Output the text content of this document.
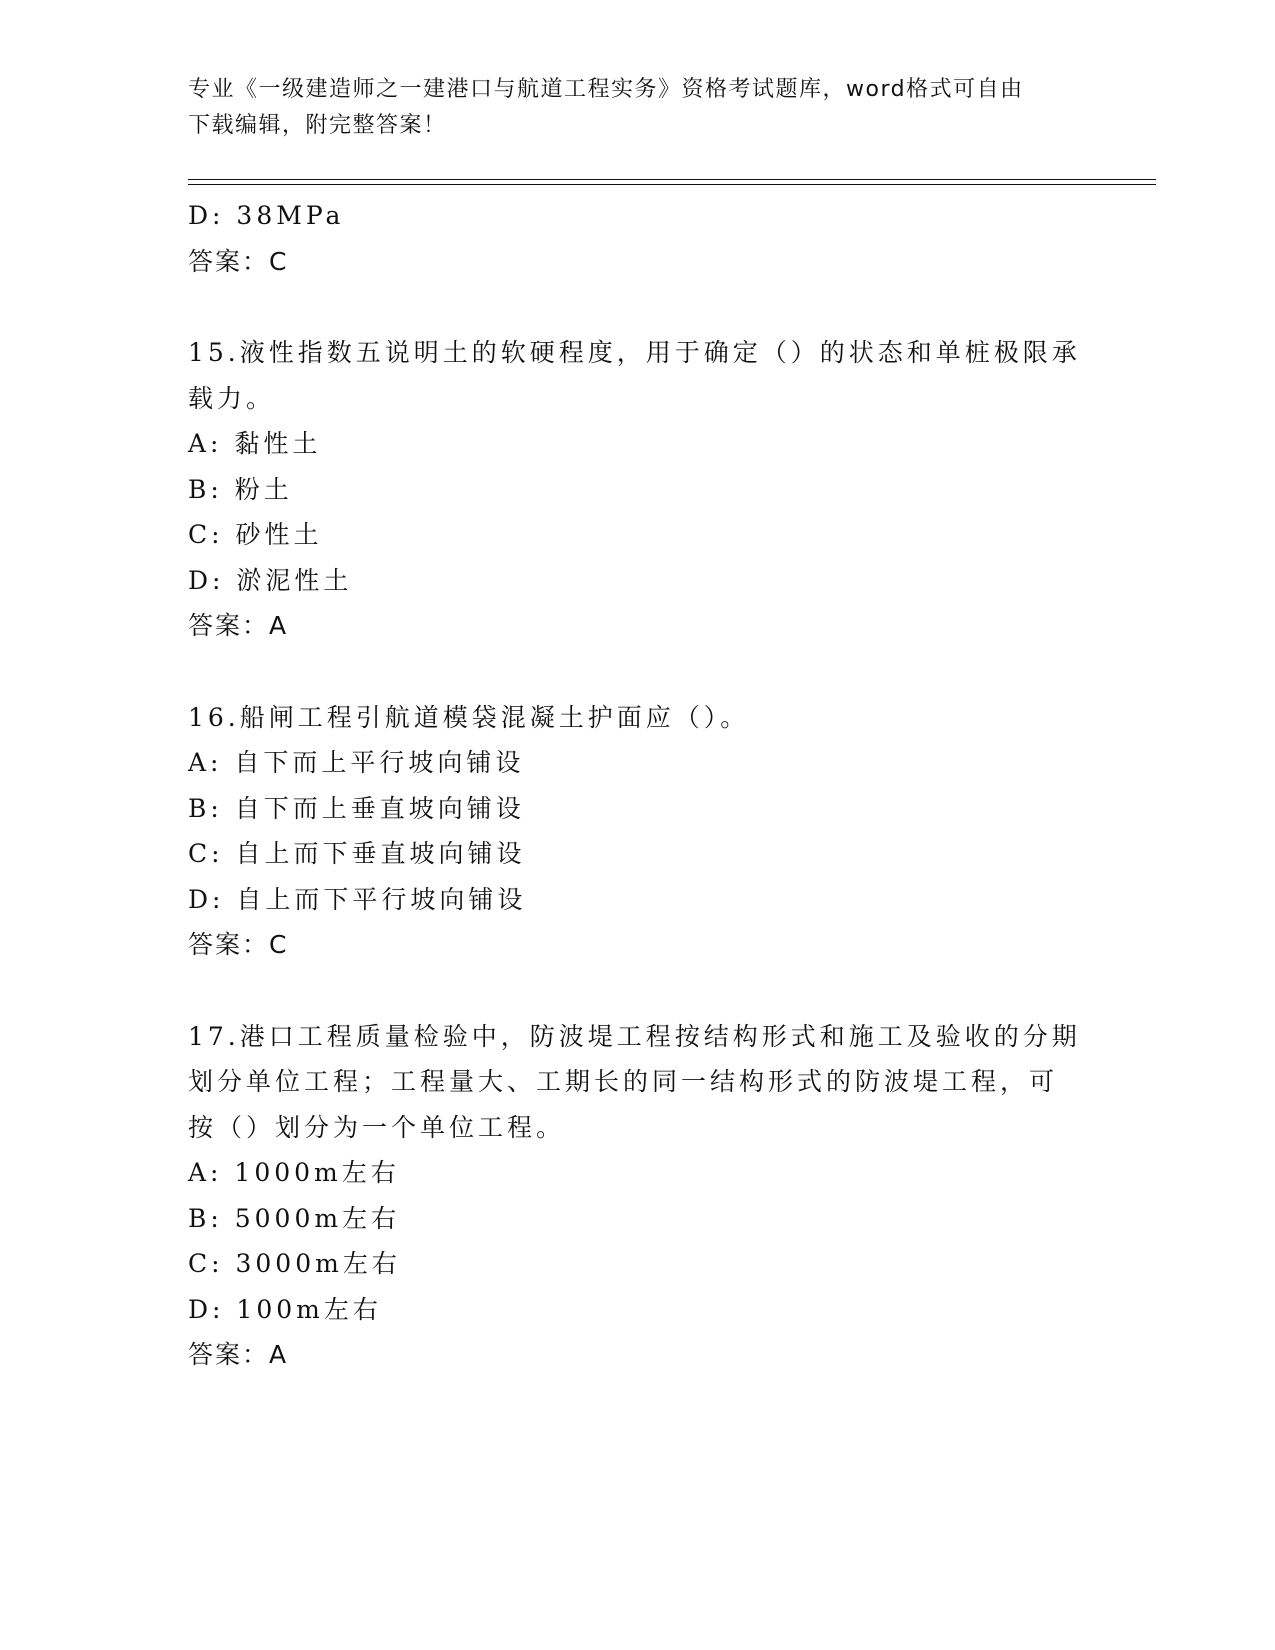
专业《一级建造师之一建港口与航道工程实务》资格考试题库，word格式可自由
下载编辑，附完整答案！
D: 38MPa
答案：C
15.液性指数五说明土的软硬程度，用于确定（）的状态和单桩极限承
载力。
A: 黏性土
B: 粉土
C: 砂性土
D: 淤泥性土
答案：A
16.船闸工程引航道模袋混凝土护面应（）。
A: 自下而上平行坡向铺设
B: 自下而上垂直坡向铺设
C: 自上而下垂直坡向铺设
D: 自上而下平行坡向铺设
答案：C
17.港口工程质量检验中，防波堤工程按结构形式和施工及验收的分期
划分单位工程；工程量大、工期长的同一结构形式的防波堤工程，可
按（）划分为一个单位工程。
A: 1000m左右
B: 5000m左右
C: 3000m左右
D: 100m左右
答案：A
